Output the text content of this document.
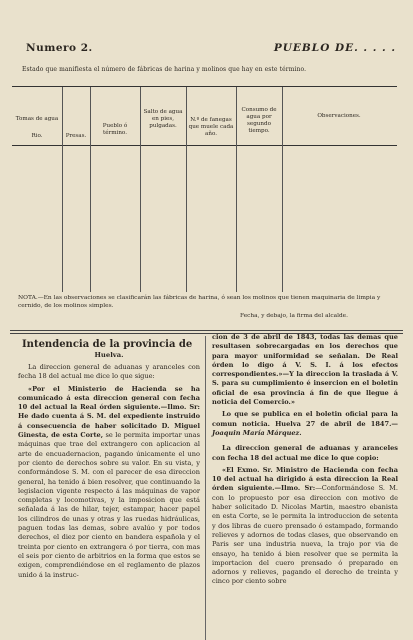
Numero 2.	PUEBLO DE. . . . .
Estado que manifiesta el número de fábricas de harina y molinos que hay en este término.
Tomas de agua
Rio.	Presas.
Pueblo ó término.
Salto de agua en pies, pulgadas.
N.º de fanegas que muele cada año.
Consumo de agua por segundo tiempo.
Observaciones.
NOTA.—En las observaciones se clasificarán las fábricas de harina, ó sean los molinos que tienen maquinaria de limpia y cernido, de los molinos simples.
Fecha, y debajo, la firma del alcalde.
Intendencia de la provincia de
Huelva.

La direccion general de aduanas y aranceles con fecha 18 del actual me dice lo que sigue:

«Por el Ministerio de Hacienda se ha comunicado á esta direccion general con fecha 10 del actual la Real órden siguiente.—Ilmo. Sr: He dado cuenta á S. M. del expediente instruido á consecuencia de haber solicitado D. Miguel Ginesta, de esta Corte, se le permita importar unas máquinas que trae del extrangero con aplicacion al arte de encuadernacion, pagando únicamente el uno por ciento de derechos sobre su valor. En su vista, y conformándose S. M. con el parecer de esa direccion general, ha tenido á bien resolver, que continuando la legislacion vigente respecto á las máquinas de vapor completas y locomotivas, y la imposicion que está señalada á las de hilar, tejer, estampar, hacer papel los cilindros de unas y otras y las ruedas hidráulicas, paguen todas las demas, sobre avalúo y por todos derechos, el diez por ciento en bandera española y el treinta por ciento en extrangera ó por tierra, con mas el seis por ciento de arbitrios en la forma que estos se exigen, comprendiéndose en el reglamento de plazos unido á la instruc-

cion de 3 de abril de 1843, todas las demas que resultasen sobrecargadas en los derechos que para mayor uniformidad se señalan. De Real órden lo digo á V. S. I. á los efectos correspondientes.»—Y la direccion la traslada á V. S. para su cumplimiento é insercion en el boletin oficial de esa provincia á fin de que llegue á noticia del Comercio.»

Lo que se publica en el boletin oficial para la comun noticia. Huelva 27 de abril de 1847.—Joaquin María Márquez.

La direccion general de aduanas y aranceles con fecha 18 del actual me dice lo que copio:

«El Exmo. Sr. Ministro de Hacienda con fecha 10 del actual ha dirigido á esta direccion la Real órden siguiente.—Ilmo. Sr:—Conformándose S. M. con lo propuesto por esa direccion con motivo de haber solicitado D. Nicolas Martin, maestro ebanista en esta Corte, se le permita la introduccion de setenta y dos libras de cuero prensado ó estampado, formando relieves y adornos de todas clases, que observando en Paris ser una industria nueva, la trajo por via de ensayo, ha tenido á bien resolver que se permita la importacion del cuero prensado ó preparado en adornos y relieves, pagando el derecho de treinta y cinco por ciento sobre
